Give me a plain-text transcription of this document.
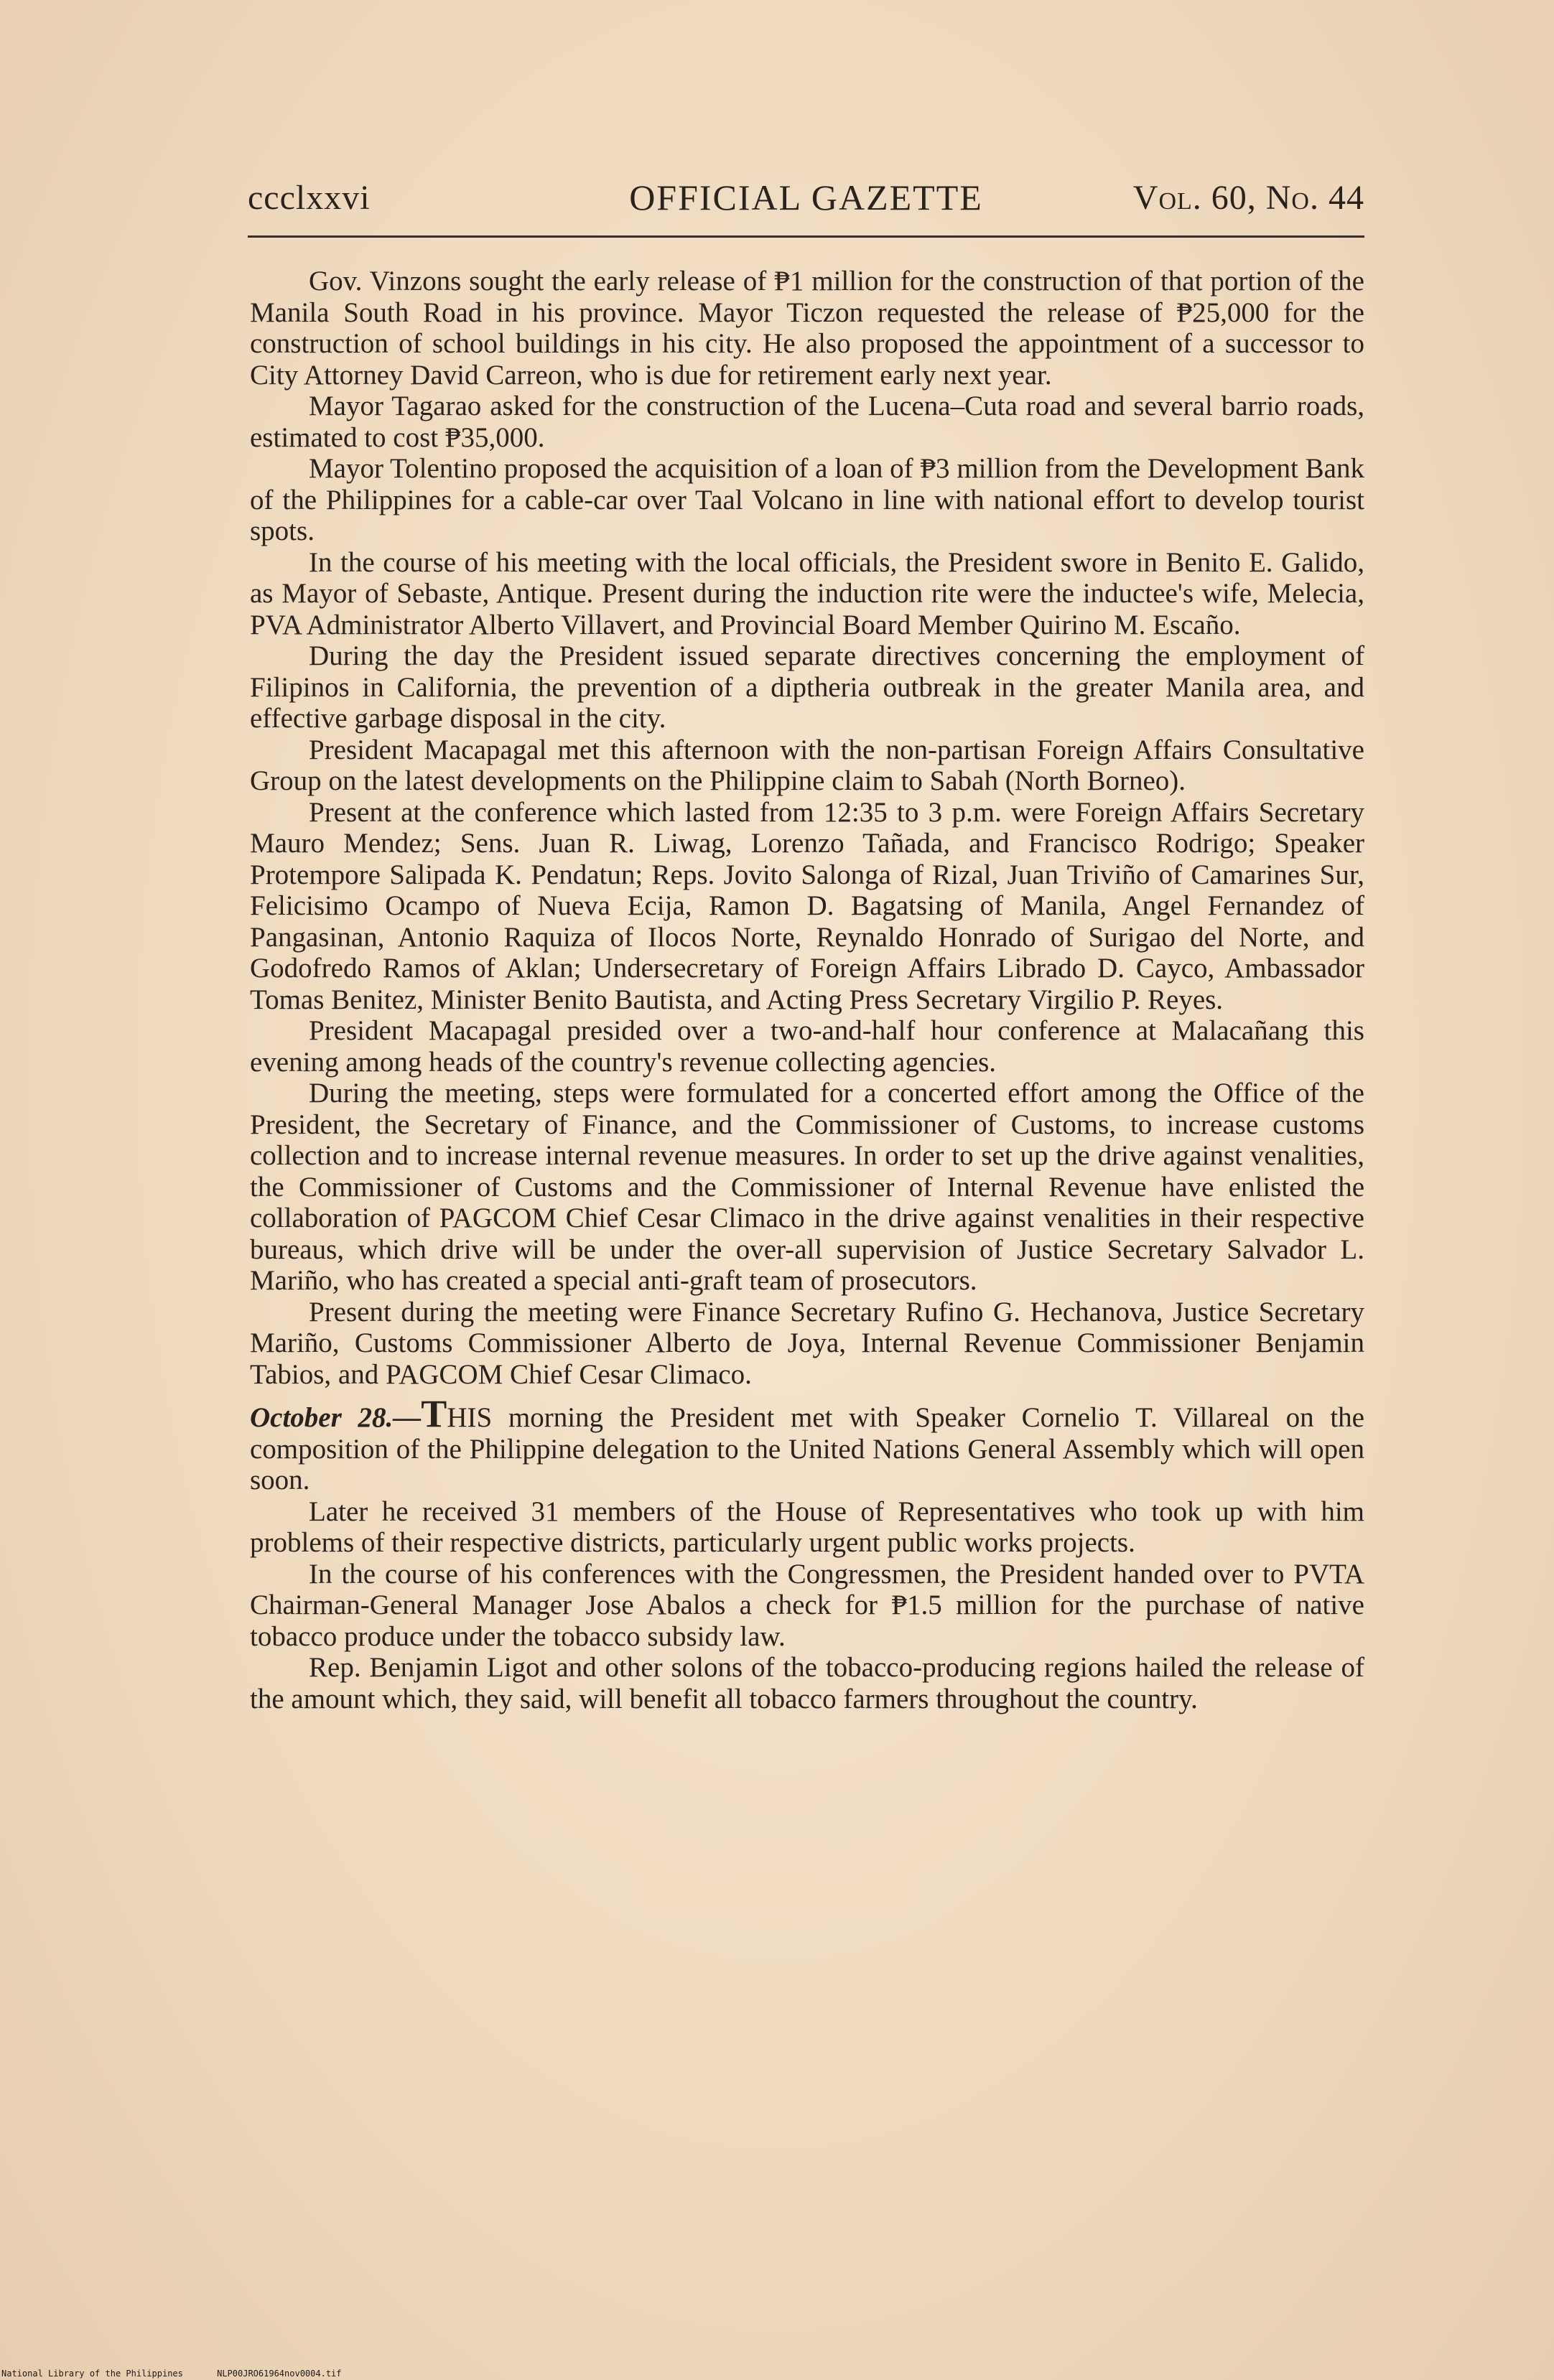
ccclxxvi	OFFICIAL GAZETTE	Vol. 60, No. 44

Gov. Vinzons sought the early release of ₱1 million for the construction of that portion of the Manila South Road in his province. Mayor Ticzon requested the release of ₱25,000 for the construction of school buildings in his city. He also proposed the appointment of a successor to City Attorney David Carreon, who is due for retirement early next year.

Mayor Tagarao asked for the construction of the Lucena–Cuta road and several barrio roads, estimated to cost ₱35,000.

Mayor Tolentino proposed the acquisition of a loan of ₱3 million from the Development Bank of the Philippines for a cable-car over Taal Volcano in line with national effort to develop tourist spots.

In the course of his meeting with the local officials, the President swore in Benito E. Galido, as Mayor of Sebaste, Antique. Present during the induction rite were the inductee's wife, Melecia, PVA Administrator Alberto Villavert, and Provincial Board Member Quirino M. Escaño.

During the day the President issued separate directives concerning the employment of Filipinos in California, the prevention of a diptheria outbreak in the greater Manila area, and effective garbage disposal in the city.

President Macapagal met this afternoon with the non-partisan Foreign Affairs Consultative Group on the latest developments on the Philippine claim to Sabah (North Borneo).

Present at the conference which lasted from 12:35 to 3 p.m. were Foreign Affairs Secretary Mauro Mendez; Sens. Juan R. Liwag, Lorenzo Tañada, and Francisco Rodrigo; Speaker Protempore Salipada K. Pendatun; Reps. Jovito Salonga of Rizal, Juan Triviño of Camarines Sur, Felicisimo Ocampo of Nueva Ecija, Ramon D. Bagatsing of Manila, Angel Fernandez of Pangasinan, Antonio Raquiza of Ilocos Norte, Reynaldo Honrado of Surigao del Norte, and Godofredo Ramos of Aklan; Undersecretary of Foreign Affairs Librado D. Cayco, Ambassador Tomas Benitez, Minister Benito Bautista, and Acting Press Secretary Virgilio P. Reyes.

President Macapagal presided over a two-and-half hour conference at Malacañang this evening among heads of the country's revenue collecting agencies.

During the meeting, steps were formulated for a concerted effort among the Office of the President, the Secretary of Finance, and the Commissioner of Customs, to increase customs collection and to increase internal revenue measures. In order to set up the drive against venalities, the Commissioner of Customs and the Commissioner of Internal Revenue have enlisted the collaboration of PAGCOM Chief Cesar Climaco in the drive against venalities in their respective bureaus, which drive will be under the over-all supervision of Justice Secretary Salvador L. Mariño, who has created a special anti-graft team of prosecutors.

Present during the meeting were Finance Secretary Rufino G. Hechanova, Justice Secretary Mariño, Customs Commissioner Alberto de Joya, Internal Revenue Commissioner Benjamin Tabios, and PAGCOM Chief Cesar Climaco.

October 28.—THIS morning the President met with Speaker Cornelio T. Villareal on the composition of the Philippine delegation to the United Nations General Assembly which will open soon.

Later he received 31 members of the House of Representatives who took up with him problems of their respective districts, particularly urgent public works projects.

In the course of his conferences with the Congressmen, the President handed over to PVTA Chairman-General Manager Jose Abalos a check for ₱1.5 million for the purchase of native tobacco produce under the tobacco subsidy law.

Rep. Benjamin Ligot and other solons of the tobacco-producing regions hailed the release of the amount which, they said, will benefit all tobacco farmers throughout the country.

National Library of the Philippines	NLP00JRO61964nov0004.tif
